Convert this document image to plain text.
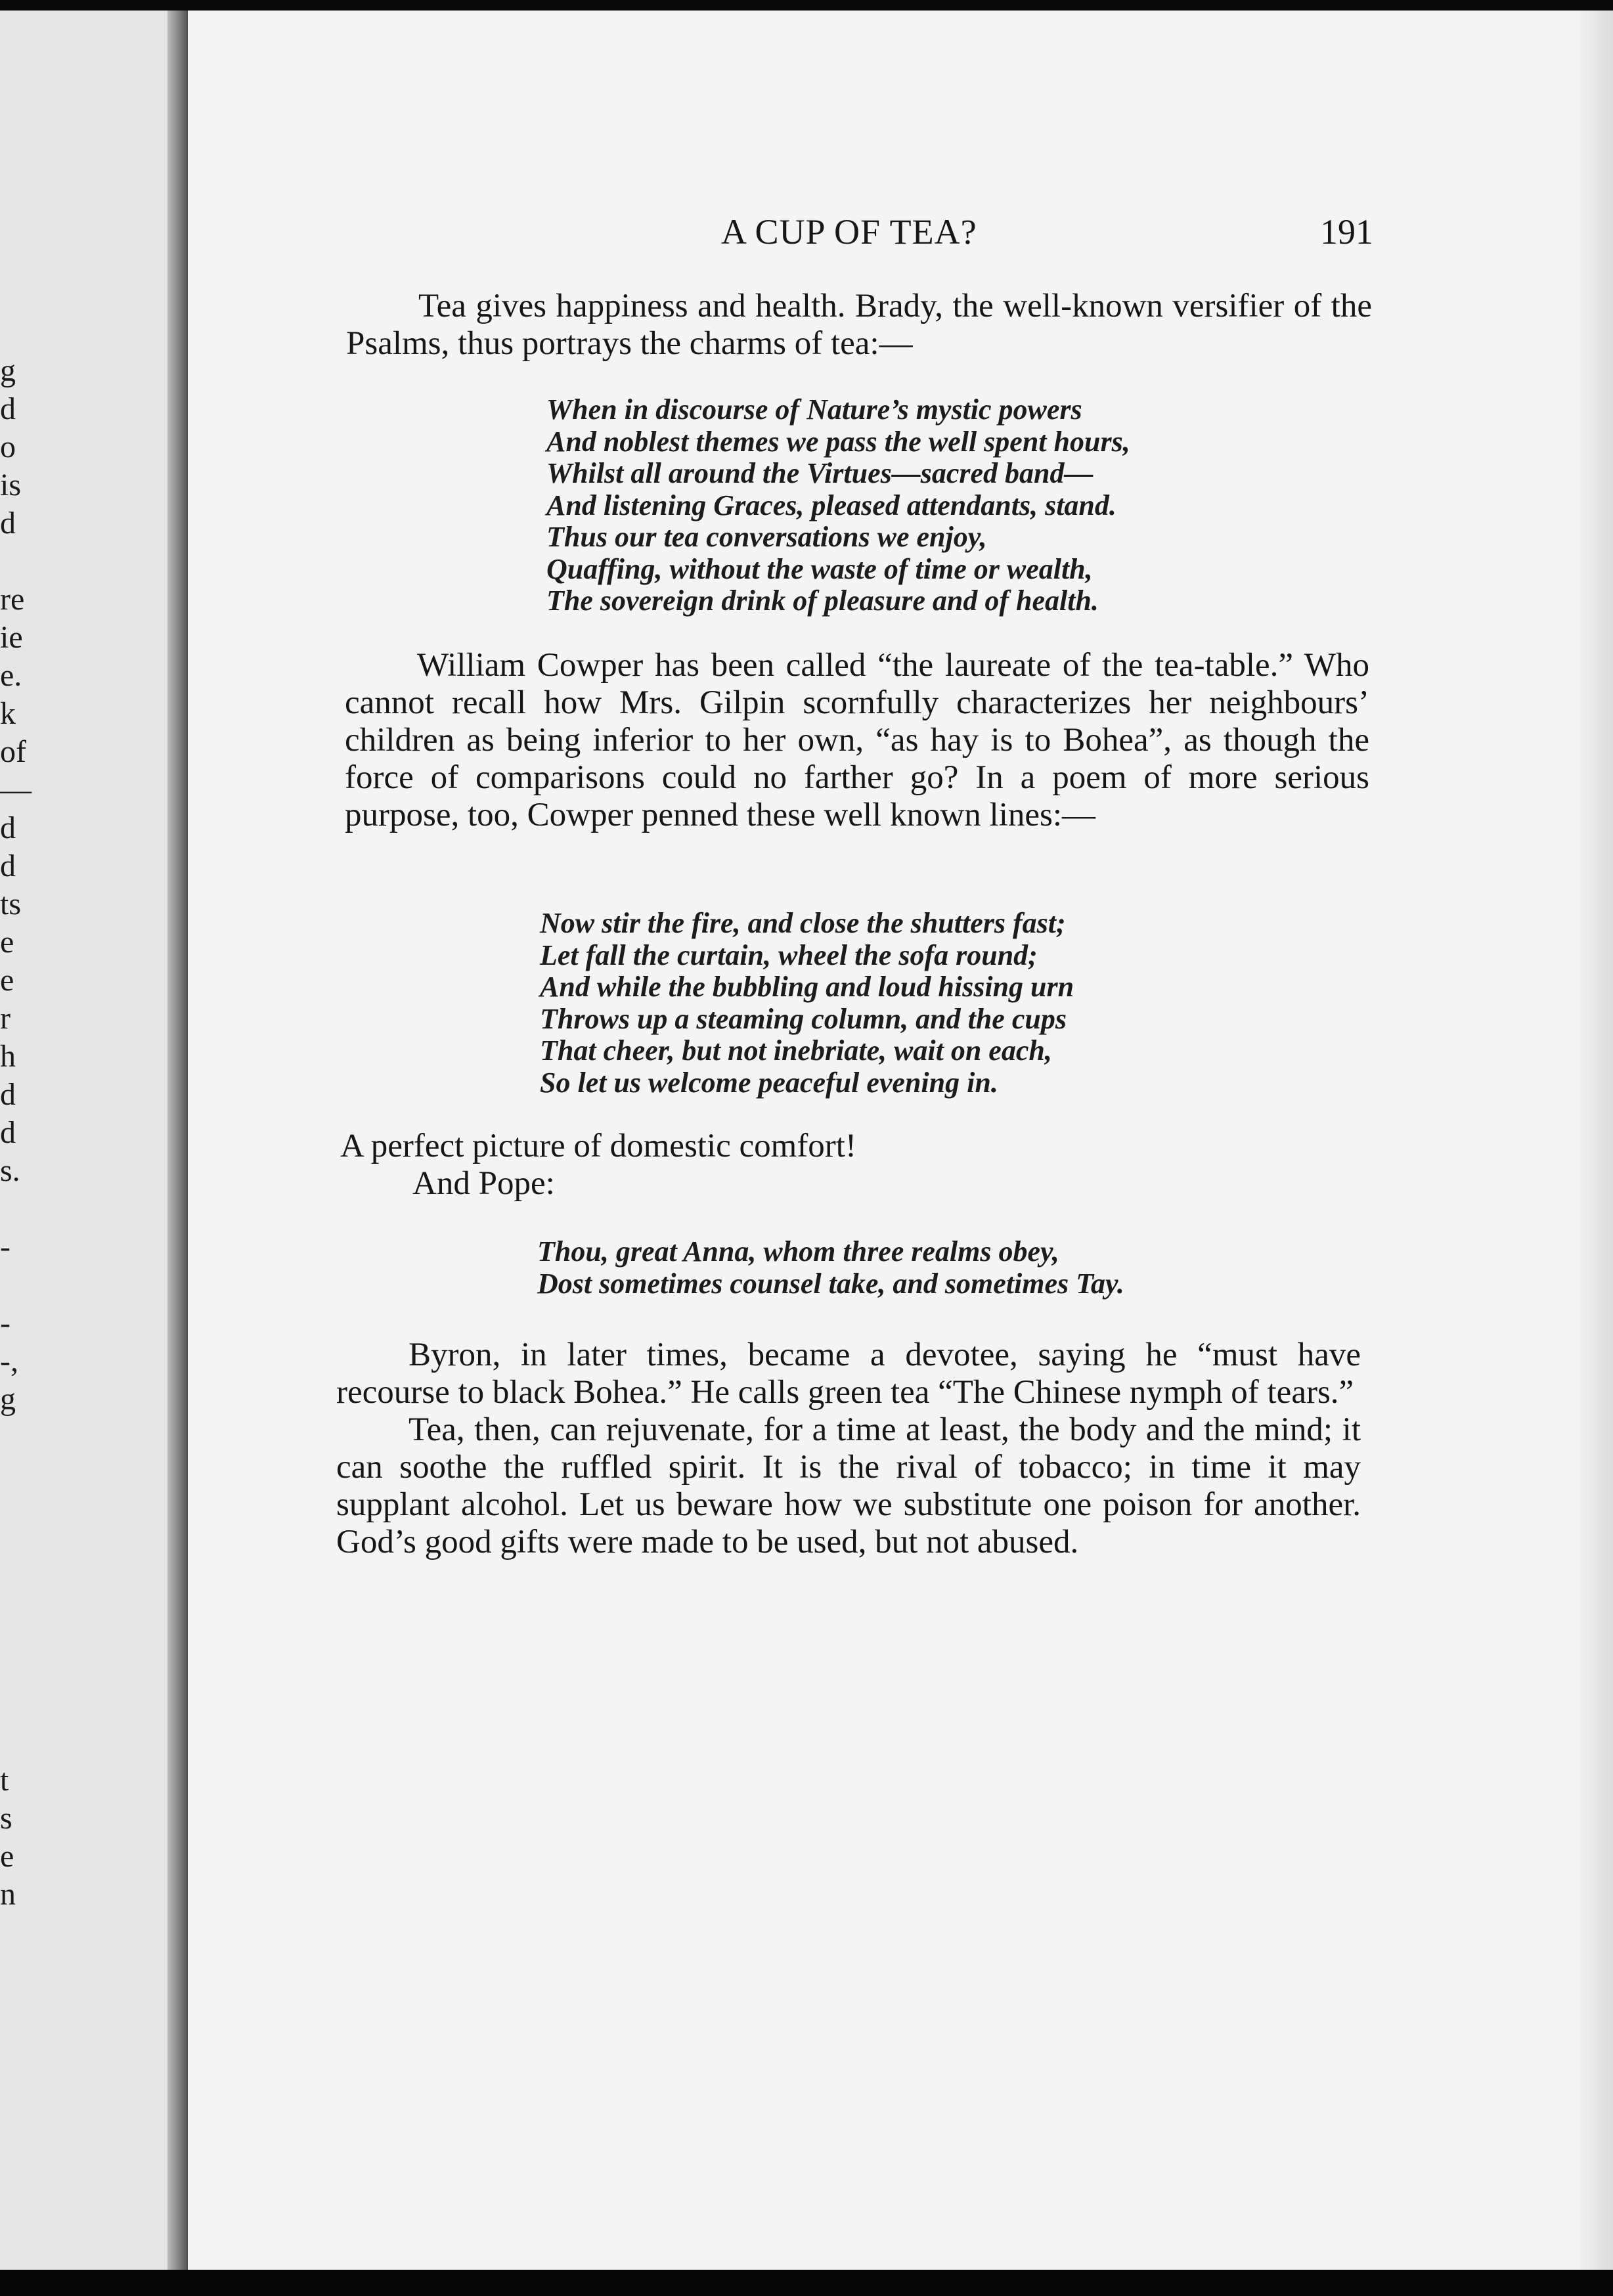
g
d
o
is
d

re
ie
e.
k
of
—
d
d
ts
e
e
r
h
d
d
s.

-

-
-,
g

t
s
e
n
A CUP OF TEA?	191

Tea gives happiness and health. Brady, the well-known versifier of the Psalms, thus portrays the charms of tea:—

When in discourse of Nature’s mystic powers
And noblest themes we pass the well spent hours,
Whilst all around the Virtues—sacred band—
And listening Graces, pleased attendants, stand.
Thus our tea conversations we enjoy,
Quaffing, without the waste of time or wealth,
The sovereign drink of pleasure and of health.

William Cowper has been called “the laureate of the tea-table.” Who cannot recall how Mrs. Gilpin scornfully characterizes her neighbours’ children as being inferior to her own, “as hay is to Bohea”, as though the force of comparisons could no farther go? In a poem of more serious purpose, too, Cowper penned these well known lines:—

Now stir the fire, and close the shutters fast;
Let fall the curtain, wheel the sofa round;
And while the bubbling and loud hissing urn
Throws up a steaming column, and the cups
That cheer, but not inebriate, wait on each,
So let us welcome peaceful evening in.

A perfect picture of domestic comfort!

And Pope:

Thou, great Anna, whom three realms obey,
Dost sometimes counsel take, and sometimes Tay.

Byron, in later times, became a devotee, saying he “must have recourse to black Bohea.” He calls green tea “The Chinese nymph of tears.”

Tea, then, can rejuvenate, for a time at least, the body and the mind; it can soothe the ruffled spirit. It is the rival of tobacco; in time it may supplant alcohol. Let us beware how we substitute one poison for another. God’s good gifts were made to be used, but not abused.
